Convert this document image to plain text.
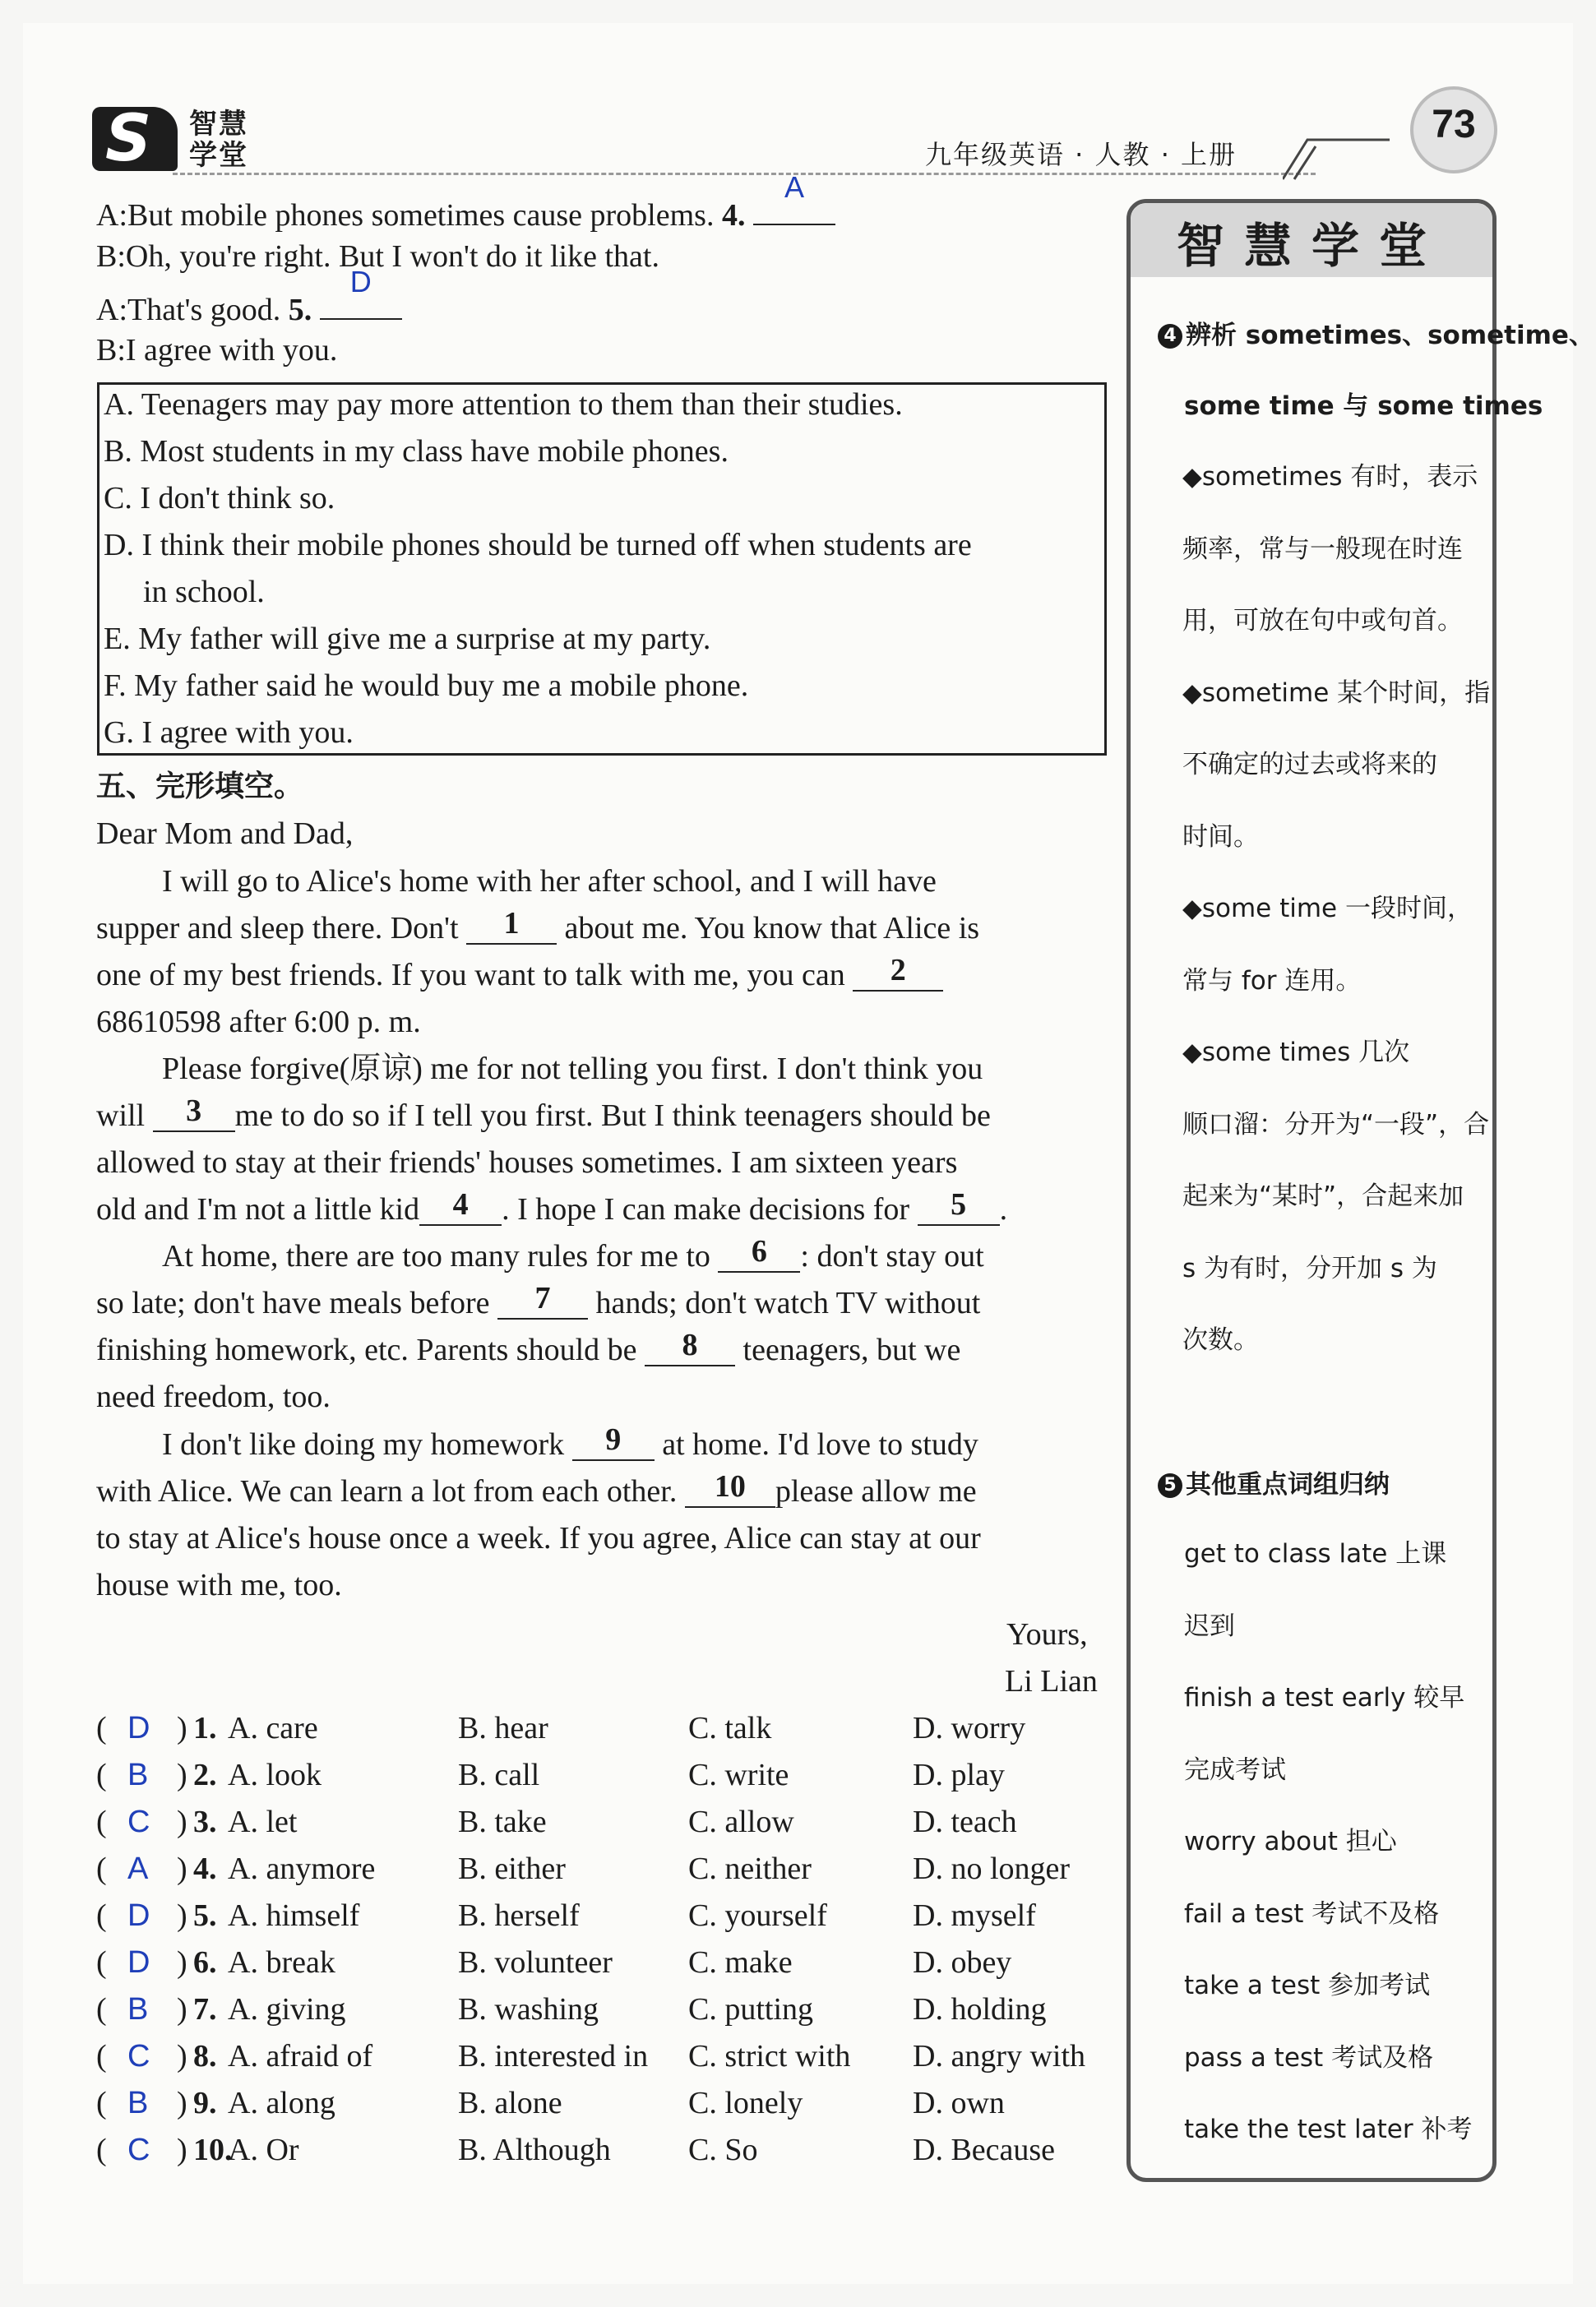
S	智慧学堂	九年级英语 · 人教 · 上册
73
A:But mobile phones sometimes cause problems. 4.
A
B:Oh, you're right. But I won't do it like that.
A:That's good. 5.
D
B:I agree with you.
A. Teenagers may pay more attention to them than their studies.
B. Most students in my class have mobile phones.
C. I don't think so.
D. I think their mobile phones should be turned off when students are
in school.
E. My father will give me a surprise at my party.
F. My father said he would buy me a mobile phone.
G. I agree with you.
五、完形填空。
Dear Mom and Dad,
I will go to Alice's home with her after school, and I will have
supper and sleep there. Don't 1 about me. You know that Alice is
one of my best friends. If you want to talk with me, you can 2
68610598 after 6:00 p. m.
Please forgive(原谅) me for not telling you first. I don't think you
will 3 me to do so if I tell you first. But I think teenagers should be
allowed to stay at their friends' houses sometimes. I am sixteen years
old and I'm not a little kid 4 . I hope I can make decisions for 5 .
At home, there are too many rules for me to 6 : don't stay out
so late; don't have meals before 7 hands; don't watch TV without
finishing homework, etc. Parents should be 8 teenagers, but we
need freedom, too.
I don't like doing my homework 9 at home. I'd love to study
with Alice. We can learn a lot from each other. 10 please allow me
to stay at Alice's house once a week. If you agree, Alice can stay at our
house with me, too.
Yours,
Li Lian
( D ) 1. A. care	B. hear	C. talk	D. worry
( B ) 2. A. look	B. call	C. write	D. play
( C ) 3. A. let	B. take	C. allow	D. teach
( A ) 4. A. anymore	B. either	C. neither	D. no longer
( D ) 5. A. himself	B. herself	C. yourself	D. myself
( D ) 6. A. break	B. volunteer C. make	D. obey
( B ) 7. A. giving	B. washing	C. putting	D. holding
( C ) 8. A. afraid of	B. interested in C. strict with D. angry with
( B ) 9. A. along	B. alone	C. lonely	D. own
( C ) 10.
A. Or	B. Although C. So	D. Because
智慧学堂
4 辨析 sometimes、sometime、
some time 与 some times
◆sometimes 有时，表示
频率，常与一般现在时连
用，可放在句中或句首。
◆sometime 某个时间，指
不确定的过去或将来的
时间。
◆some time 一段时间，
常与 for 连用。
◆some times 几次
顺口溜：分开为“一段”，合
起来为“某时”，合起来加
s 为有时，分开加 s 为
次数。
5 其他重点词组归纳
get to class late 上课
迟到
finish a test early 较早
完成考试
worry about 担心
fail a test 考试不及格
take a test 参加考试
pass a test 考试及格
take the test later 补考
